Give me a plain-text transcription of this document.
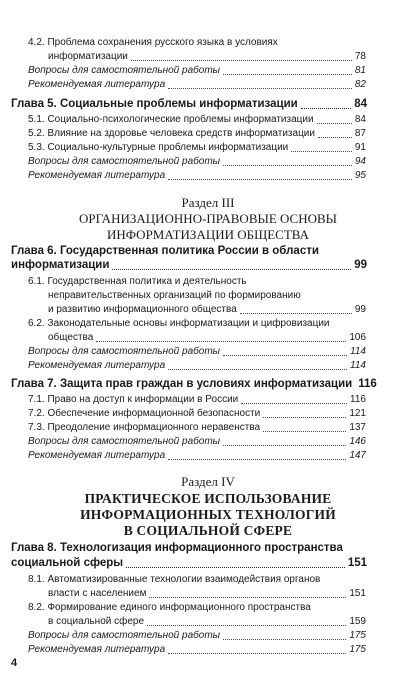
4.2. Проблема сохранения русского языка в условиях
информатизации	78
Вопросы для самостоятельной работы	81
Рекомендуемая литература	82
Глава 5. Социальные проблемы информатизации	84
5.1. Социально-психологические проблемы информатизации	84
5.2. Влияние на здоровье человека средств информатизации	87
5.3. Социально-культурные проблемы информатизации	91
Вопросы для самостоятельной работы	94
Рекомендуемая литература	95
Раздел III
ОРГАНИЗАЦИОННО-ПРАВОВЫЕ ОСНОВЫ
ИНФОРМАТИЗАЦИИ ОБЩЕСТВА
Глава 6. Государственная политика России в области
информатизации	99
6.1. Государственная политика и деятельность
неправительственных организаций по формированию
и развитию информационного общества	99
6.2. Законодательные основы информатизации и цифровизации
общества	106
Вопросы для самостоятельной работы	114
Рекомендуемая литература	114
Глава 7. Защита прав граждан в условиях информатизации 116
7.1. Право на доступ к информации в России	116
7.2. Обеспечение информационной безопасности	121
7.3. Преодоление информационного неравенства	137
Вопросы для самостоятельной работы	146
Рекомендуемая литература	147
Раздел IV
ПРАКТИЧЕСКОЕ ИСПОЛЬЗОВАНИЕ
ИНФОРМАЦИОННЫХ ТЕХНОЛОГИЙ
В СОЦИАЛЬНОЙ СФЕРЕ
Глава 8. Технологизация информационного пространства
социальной сферы	151
8.1. Автоматизированные технологии взаимодействия органов
власти с населением	151
8.2. Формирование единого информационного пространства
в социальной сфере	159
Вопросы для самостоятельной работы	175
Рекомендуемая литература	175
4
